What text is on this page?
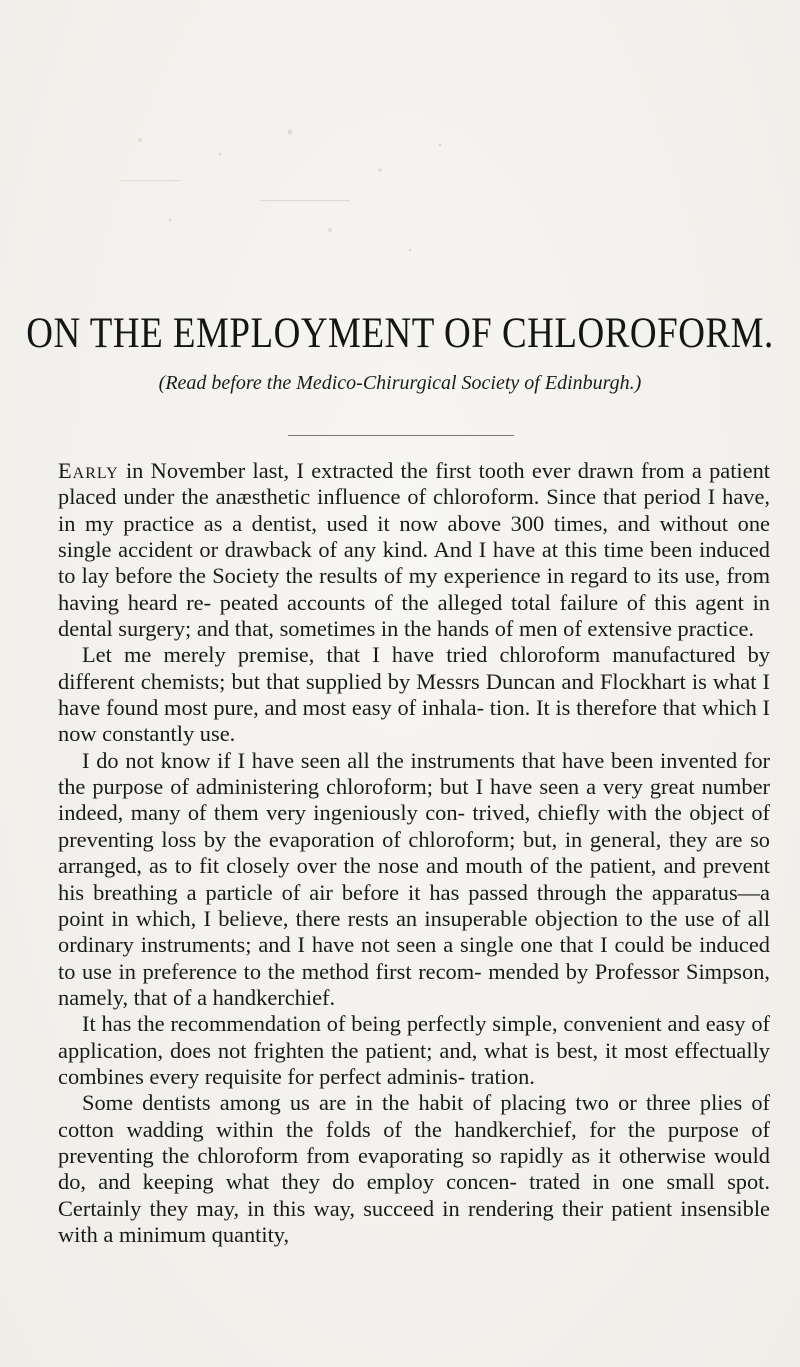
ON THE EMPLOYMENT OF CHLOROFORM.

(Read before the Medico-Chirurgical Society of Edinburgh.)

Early in November last, I extracted the first tooth ever drawn from a patient placed under the anæsthetic influence of chloroform. Since that period I have, in my practice as a dentist, used it now above 300 times, and without one single accident or drawback of any kind. And I have at this time been induced to lay before the Society the results of my experience in regard to its use, from having heard re- peated accounts of the alleged total failure of this agent in dental surgery; and that, sometimes in the hands of men of extensive practice.

Let me merely premise, that I have tried chloroform manufactured by different chemists; but that supplied by Messrs Duncan and Flockhart is what I have found most pure, and most easy of inhala- tion. It is therefore that which I now constantly use.

I do not know if I have seen all the instruments that have been invented for the purpose of administering chloroform; but I have seen a very great number indeed, many of them very ingeniously con- trived, chiefly with the object of preventing loss by the evaporation of chloroform; but, in general, they are so arranged, as to fit closely over the nose and mouth of the patient, and prevent his breathing a particle of air before it has passed through the apparatus—a point in which, I believe, there rests an insuperable objection to the use of all ordinary instruments; and I have not seen a single one that I could be induced to use in preference to the method first recom- mended by Professor Simpson, namely, that of a handkerchief.

It has the recommendation of being perfectly simple, convenient and easy of application, does not frighten the patient; and, what is best, it most effectually combines every requisite for perfect adminis- tration.

Some dentists among us are in the habit of placing two or three plies of cotton wadding within the folds of the handkerchief, for the purpose of preventing the chloroform from evaporating so rapidly as it otherwise would do, and keeping what they do employ concen- trated in one small spot. Certainly they may, in this way, succeed in rendering their patient insensible with a minimum quantity,
